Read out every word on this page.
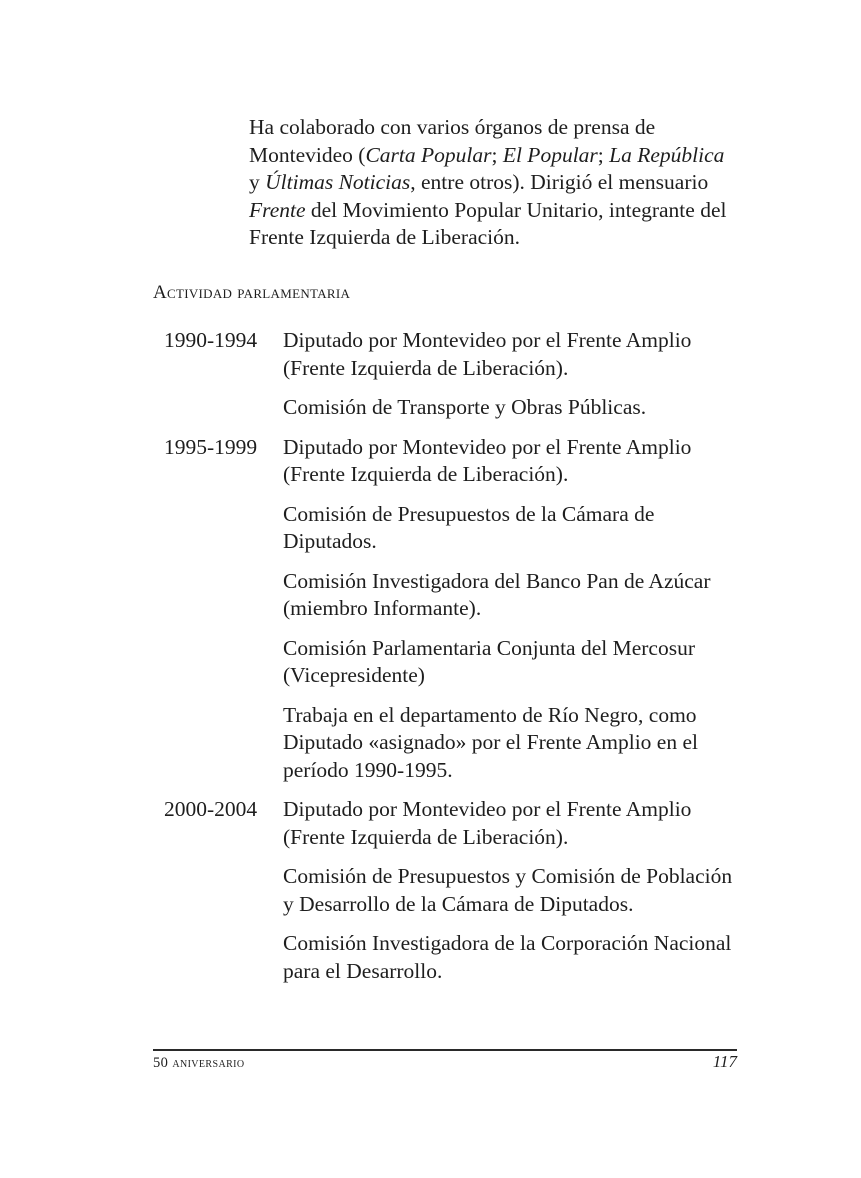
Ha colaborado con varios órganos de prensa de Montevideo (Carta Popular; El Popular; La República y Últimas Noticias, entre otros). Dirigió el mensuario Frente del Movimiento Popular Unitario, integrante del Frente Izquierda de Liberación.

Actividad parlamentaria
1990-1994	Diputado por Montevideo por el Frente Amplio (Frente Izquierda de Liberación).

Comisión de Transporte y Obras Públicas.

1995-1999	Diputado por Montevideo por el Frente Amplio (Frente Izquierda de Liberación).

Comisión de Presupuestos de la Cámara de Diputados.

Comisión Investigadora del Banco Pan de Azúcar (miembro Informante).

Comisión Parlamentaria Conjunta del Mercosur (Vicepresidente)

Trabaja en el departamento de Río Negro, como Diputado «asignado» por el Frente Amplio en el período 1990-1995.

2000-2004	Diputado por Montevideo por el Frente Amplio (Frente Izquierda de Liberación).

Comisión de Presupuestos y Comisión de Población y Desarrollo de la Cámara de Diputados.

Comisión Investigadora de la Corporación Nacional para el Desarrollo.

50 aniversario	117
